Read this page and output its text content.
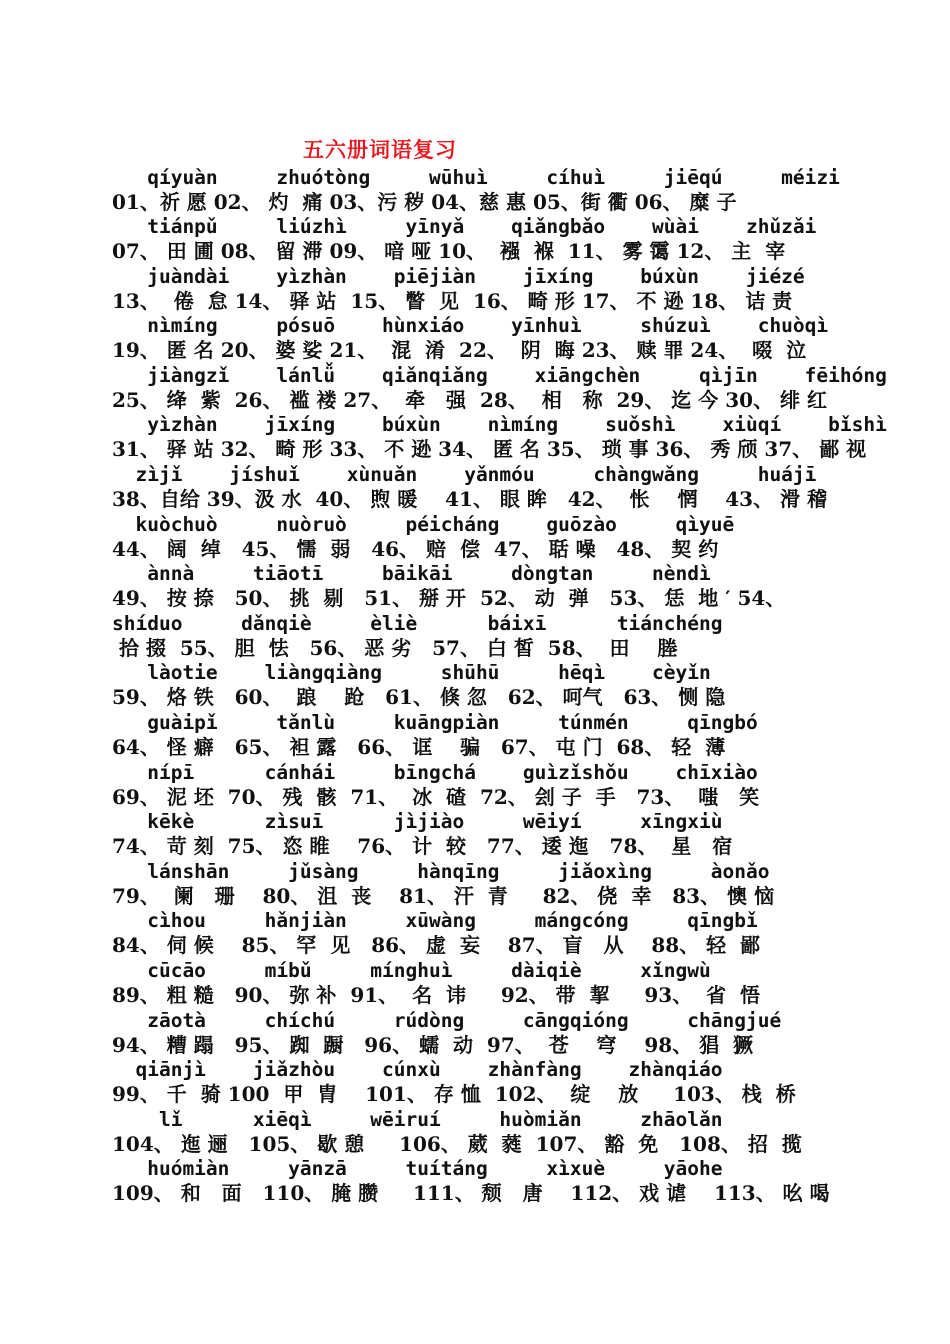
五六册词语复习
qíyuàn     zhuótòng     wūhuì     cíhuì     jiēqú     méizi
01、祈 愿 02、 灼  痛 03、污 秽 04、慈 惠 05、街 衢 06、 糜 子
tiánpǔ     liúzhì     yīnyǎ    qiǎngbǎo    wùài    zhǔzǎi
07、 田 圃 08、 留 滞 09、 喑 哑 10、  襁  褓  11、 雾 霭 12、 主  宰
juàndài    yìzhàn    piējiàn    jīxíng    búxùn    jiézé
13、  倦  怠 14、 驿 站  15、 瞥  见  16、 畸 形 17、 不 逊 18、 诘 责
nìmíng     pósuō    hùnxiáo    yīnhuì     shúzuì    chuòqì
19、 匿 名 20、 婆 娑 21、  混  淆  22、  阴  晦 23、 赎 罪 24、  啜  泣
jiàngzǐ    lánlǚ    qiǎnqiǎng    xiāngchèn     qìjīn    fēihóng
25、 绛  紫  26、 褴 褛 27、  牵   强  28、  相   称  29、 迄 今 30、 绯 红
yìzhàn    jīxíng    búxùn    nìmíng    suǒshì    xiùqí    bǐshì
31、 驿 站 32、 畸 形 33、 不 逊 34、 匿 名 35、 琐 事 36、 秀 颀 37、 鄙 视
zìjǐ    jíshuǐ    xùnuǎn    yǎnmóu     chàngwǎng     huájī
38、自给 39、汲 水  40、 煦 暖    41、 眼 眸   42、  怅    惘    43、 滑 稽
kuòchuò     nuòruò     péicháng    guōzào     qìyuē
44、 阔  绰   45、 懦  弱   46、 赔  偿  47、 聒 噪   48、 契 约
ànnà     tiāotī     bāikāi     dòngtan     nèndì
49、 按 捺   50、 挑  剔   51、 掰 开  52、 动  弹   53、 恁  地 ′ 54、
shíduo     dǎnqiè     èliè      báixī      tiánchéng
拾 掇  55、 胆  怯   56、 恶 劣   57、 白 皙  58、  田    塍
làotie    liàngqiàng     shūhū     hēqì    cèyǐn
59、 烙 铁   60、  踉    跄   61、 倏 忽   62、 呵气   63、 恻 隐
guàipǐ     tǎnlù     kuāngpiàn     túnmén     qīngbó
64、 怪 癖   65、 袒 露   66、 诓    骗   67、 屯 门  68、 轻  薄
nípī      cánhái     bīngchá    guìzǐshǒu    chīxiào
69、 泥 坯  70、 残  骸  71、  冰  碴  72、 刽 子  手   73、  嗤   笑
kēkè      zìsuī      jìjiào     wēiyí     xīngxiù
74、 苛 刻  75、 恣 睢    76、 计  较   77、 逶 迤   78、  星   宿
lánshān     jǔsàng     hànqīng     jiǎoxìng     àonǎo
79、  阑   珊    80、 沮  丧    81、 汗  青     82、 侥  幸   83、 懊 恼
cìhou     hǎnjiàn     xūwàng     mángcóng     qīngbǐ
84、 伺 候    85、 罕  见   86、 虚  妄    87、 盲   从    88、 轻  鄙
cūcāo     míbǔ     mínghuì     dàiqiè     xǐngwù
89、 粗 糙   90、 弥 补  91、  名  讳     92、 带  挈     93、  省  悟
zāotà     chíchú     rúdòng     cāngqióng     chāngjué
94、 糟 蹋   95、 踟  蹰   96、 蠕  动  97、  苍    穹    98、 猖  獗
qiānjì    jiǎzhòu    cúnxù    zhànfàng    zhànqiáo
99、 千  骑 100  甲  胄    101、 存 恤  102、  绽    放     103、 栈  桥
lǐ      xiēqì     wēiruí     huòmiǎn     zhāolǎn
104、 迤 逦   105、 歇 憩     106、 葳  蕤  107、 豁  免   108、 招  揽
huómiàn     yānzā     tuítáng     xìxuè     yāohe
109、 和   面   110、 腌 臜     111、 颓   唐    112、 戏 谑    113、 吆 喝
